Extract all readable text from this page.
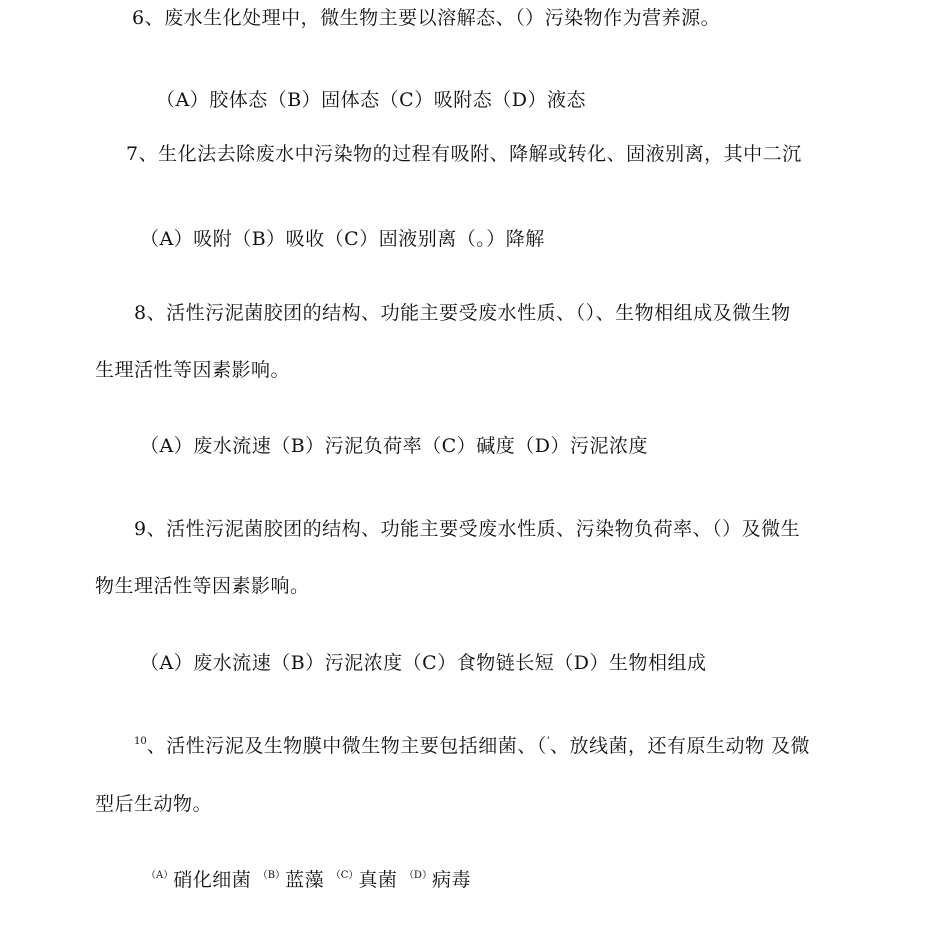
6、废水生化处理中，微生物主要以溶解态、（）污染物作为营养源。
（A）胶体态（B）固体态（C）吸附态（D）液态
7、生化法去除废水中污染物的过程有吸附、降解或转化、固液别离，其中二沉
（A）吸附（B）吸收（C）固液别离（。）降解
8、活性污泥菌胶团的结构、功能主要受废水性质、（）、生物相组成及微生物
生理活性等因素影响。
（A）废水流速（B）污泥负荷率（C）碱度（D）污泥浓度
9、活性污泥菌胶团的结构、功能主要受废水性质、污染物负荷率、（）及微生
物生理活性等因素影响。
（A）废水流速（B）污泥浓度（C）食物链长短（D）生物相组成
$^{10}$、活性污泥及生物膜中微生物主要包括细菌、（’、放线菌，还有原生动物 及微
型后生动物。
$^{(A)}$硝化细菌 $^{(B)}$蓝藻 $^{(C)}$真菌 $^{(D)}$病毒
